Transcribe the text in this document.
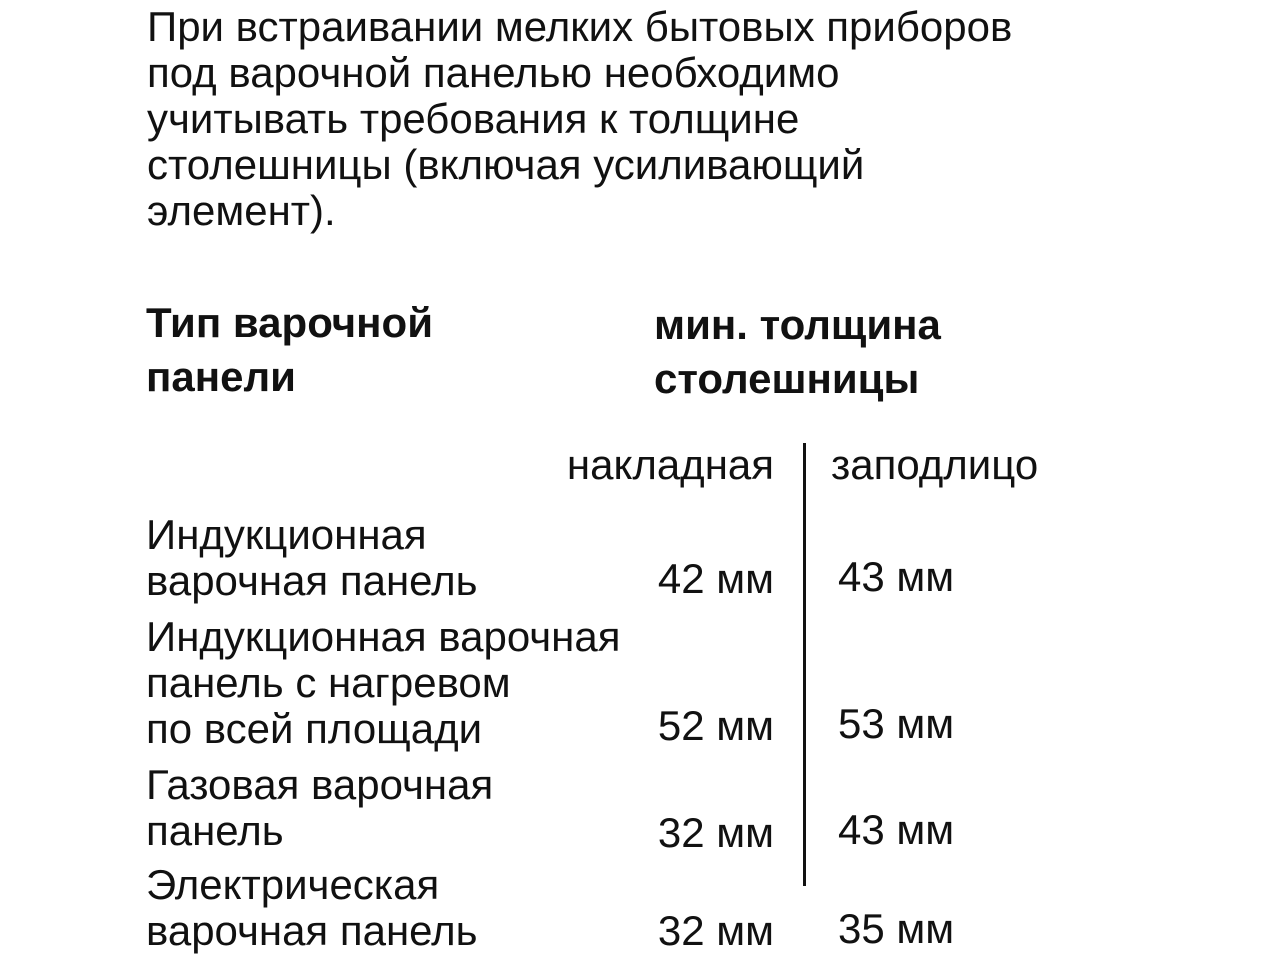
При встраивании мелких бытовых приборов
под варочной панелью необходимо
учитывать требования к толщине
столешницы (включая усиливающий
элемент).
Тип варочной
панели
мин. толщина
столешницы
накладная заподлицо
Индукционная
варочная панель	42 мм 43 мм
Индукционная варочная
панель с нагревом
по всей площади	52 мм 53 мм
Газовая варочная
панель	32 мм 43 мм
Электрическая
варочная панель	32 мм 35 мм
